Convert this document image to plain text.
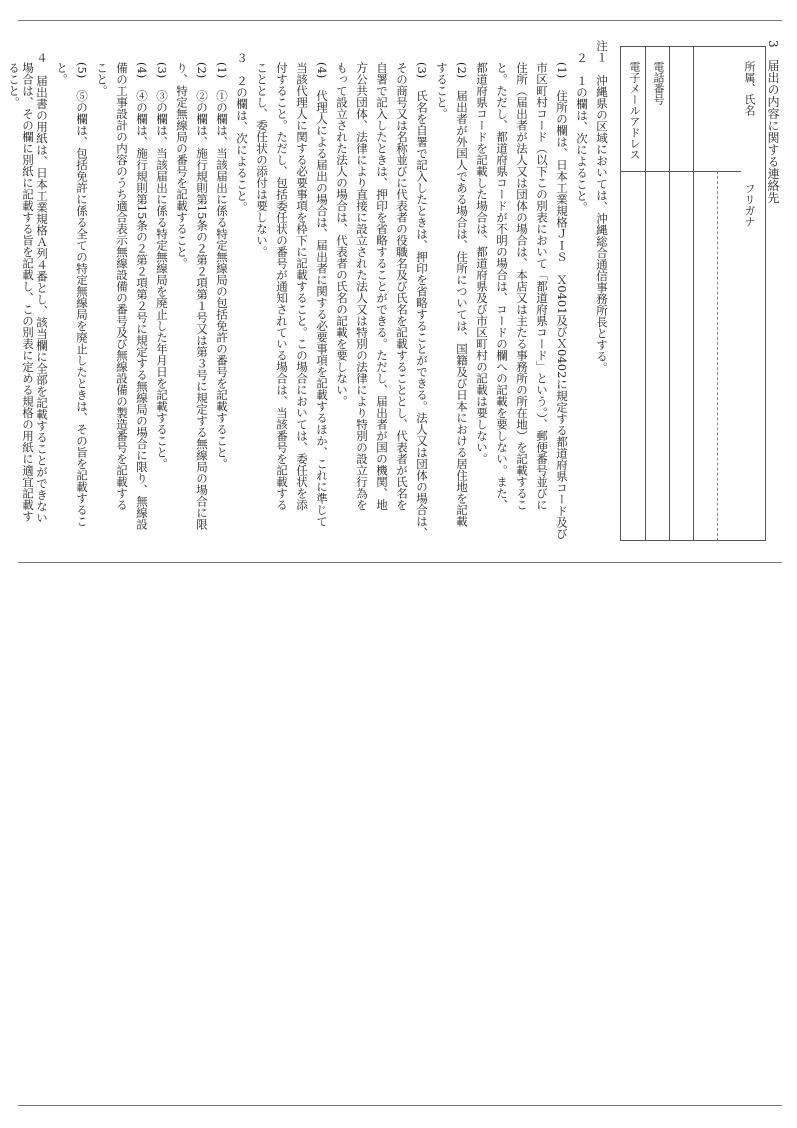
3　届出の内容に関する連絡先
所属、氏名
フリガナ
電話番号
電子メールアドレス
注１　沖縄県の区域においては、沖縄総合通信事務所長とする。
２　１の欄は、次によること。
(1)　住所の欄は、日本工業規格ＪＩＳ　Ｘ0401及びＸ0402に規定する都道府県コード及び
市区町村コード（以下この別表において「都道府県コード」という。）、郵便番号並びに
住所（届出者が法人又は団体の場合は、本店又は主たる事務所の所在地）を記載するこ
と。ただし、都道府県コードが不明の場合は、コードの欄への記載を要しない。また、
都道府県コードを記載した場合は、都道府県及び市区町村の記載は要しない。
(2)　届出者が外国人である場合は、住所については、国籍及び日本における居住地を記載
すること。
(3)　氏名を自署で記入したときは、押印を省略することができる。法人又は団体の場合は、
その商号又は名称並びに代表者の役職名及び氏名を記載することとし、代表者が氏名を
自署で記入したときは、押印を省略することができる。ただし、届出者が国の機関、地
方公共団体、法律により直接に設立された法人又は特別の法律により特別の設立行為を
もって設立された法人の場合は、代表者の氏名の記載を要しない。
(4)　代理人による届出の場合は、届出者に関する必要事項を記載するほか、これに準じて
当該代理人に関する必要事項を枠下に記載すること。この場合においては、委任状を添
付すること。ただし、包括委任状の番号が通知されている場合は、当該番号を記載する
こととし、委任状の添付は要しない。
３　２の欄は、次によること。
(1)　①の欄は、当該届出に係る特定無線局の包括免許の番号を記載すること。
(2)　②の欄は、施行規則第15条の２第２項第１号又は第３号に規定する無線局の場合に限
り、特定無線局の番号を記載すること。
(3)　③の欄は、当該届出に係る特定無線局を廃止した年月日を記載すること。
(4)　④の欄は、施行規則第15条の２第２項第２号に規定する無線局の場合に限り、無線設
備の工事設計の内容のうち適合表示無線設備の番号及び無線設備の製造番号を記載する
こと。
(5)　⑤の欄は、包括免許に係る全ての特定無線局を廃止したときは、その旨を記載するこ
と。
４　届出書の用紙は、日本工業規格Ａ列４番とし、該当欄に全部を記載することができない
場合は、その欄に別紙に記載する旨を記載し、この別表に定める規格の用紙に適宜記載す
ること。
